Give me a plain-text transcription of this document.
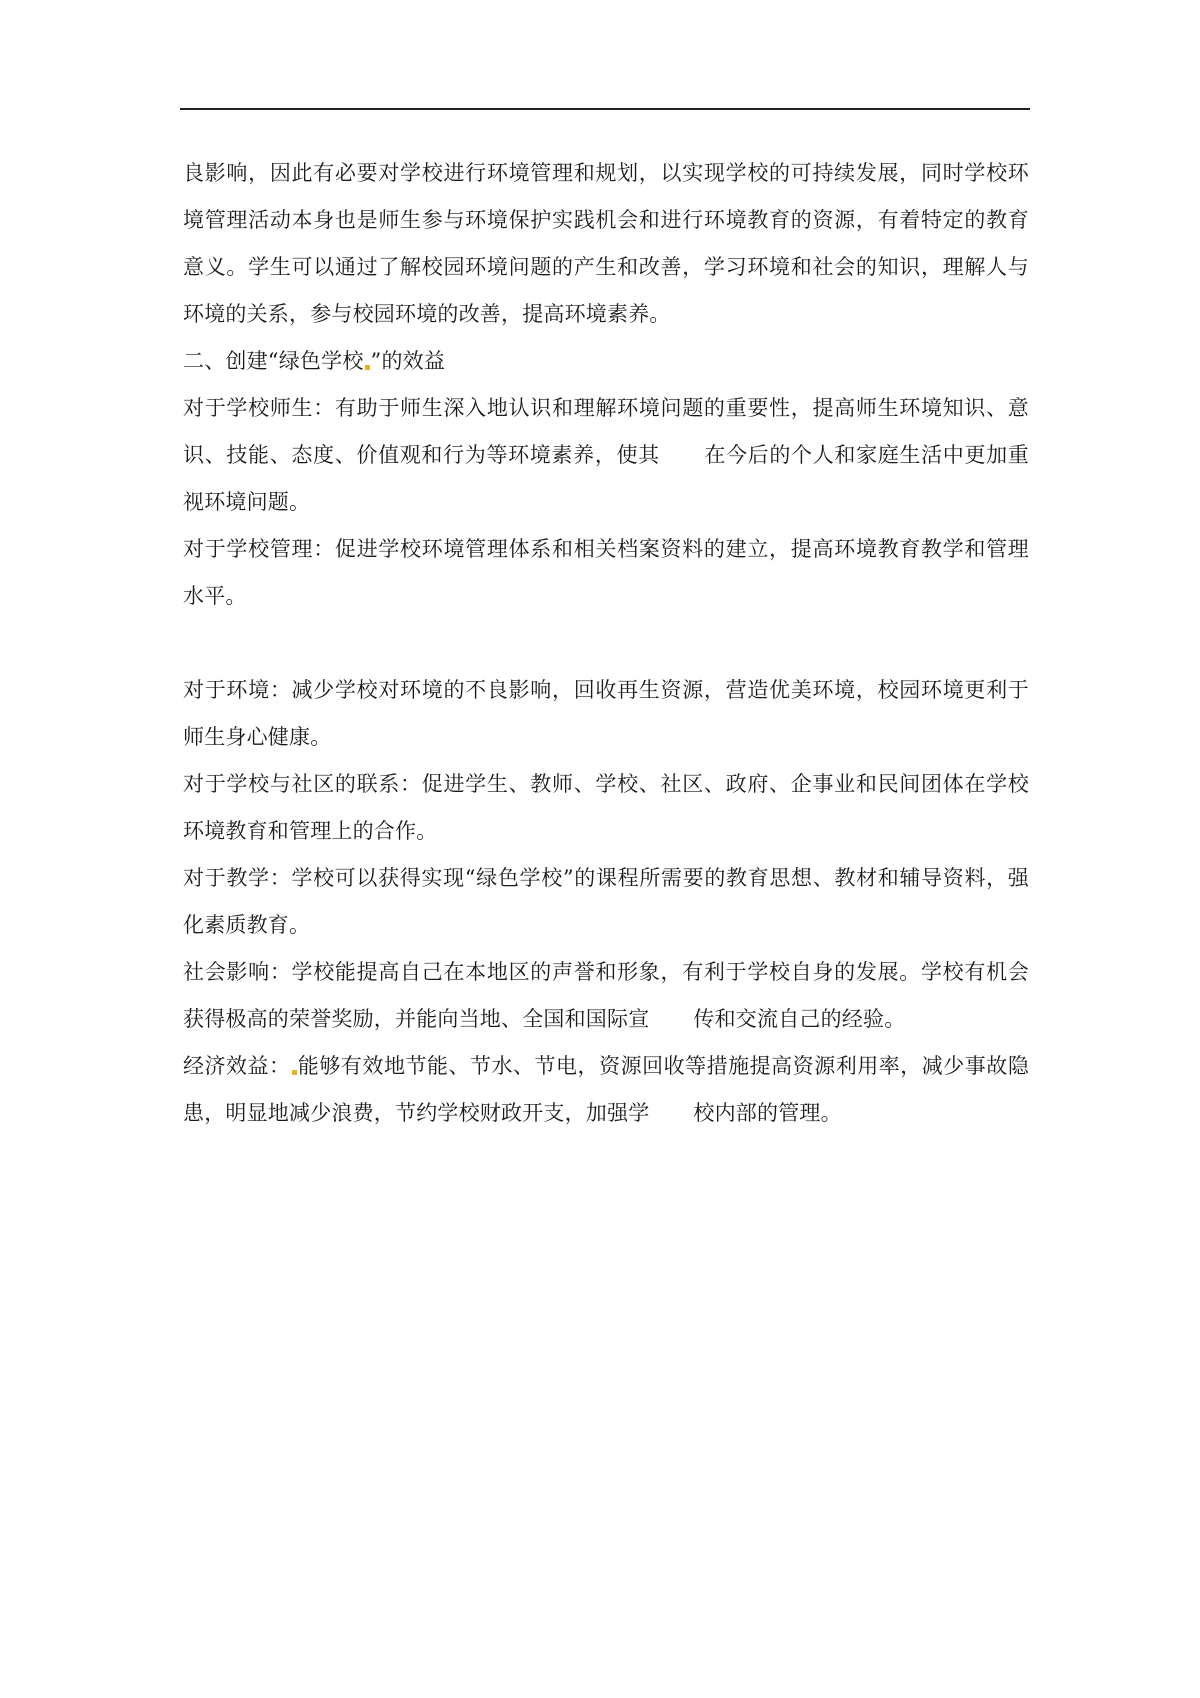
良影响，因此有必要对学校进行环境管理和规划，以实现学校的可持续发展，同时学校环境管理活动本身也是师生参与环境保护实践机会和进行环境教育的资源，有着特定的教育意义。学生可以通过了解校园环境问题的产生和改善，学习环境和社会的知识，理解人与环境的关系，参与校园环境的改善，提高环境素养。

二、创建“绿色学校 ”的效益

对于学校师生：有助于师生深入地认识和理解环境问题的重要性，提高师生环境知识、意识、技能、态度、价值观和行为等环境素养，使其 在今后的个人和家庭生活中更加重视环境问题。

对于学校管理：促进学校环境管理体系和相关档案资料的建立，提高环境教育教学和管理水平。

对于环境：减少学校对环境的不良影响，回收再生资源，营造优美环境，校园环境更利于师生身心健康。

对于学校与社区的联系：促进学生、教师、学校、社区、政府、企事业和民间团体在学校环境教育和管理上的合作。

对于教学：学校可以获得实现“绿色学校”的课程所需要的教育思想、教材和辅导资料，强化素质教育。

社会影响：学校能提高自己在本地区的声誉和形象，有利于学校自身的发展。学校有机会获得极高的荣誉奖励，并能向当地、全国和国际宣 传和交流自己的经验。

经济效益： 能够有效地节能、节水、节电，资源回收等措施提高资源利用率，减少事故隐患，明显地减少浪费，节约学校财政开支，加强学 校内部的管理。
